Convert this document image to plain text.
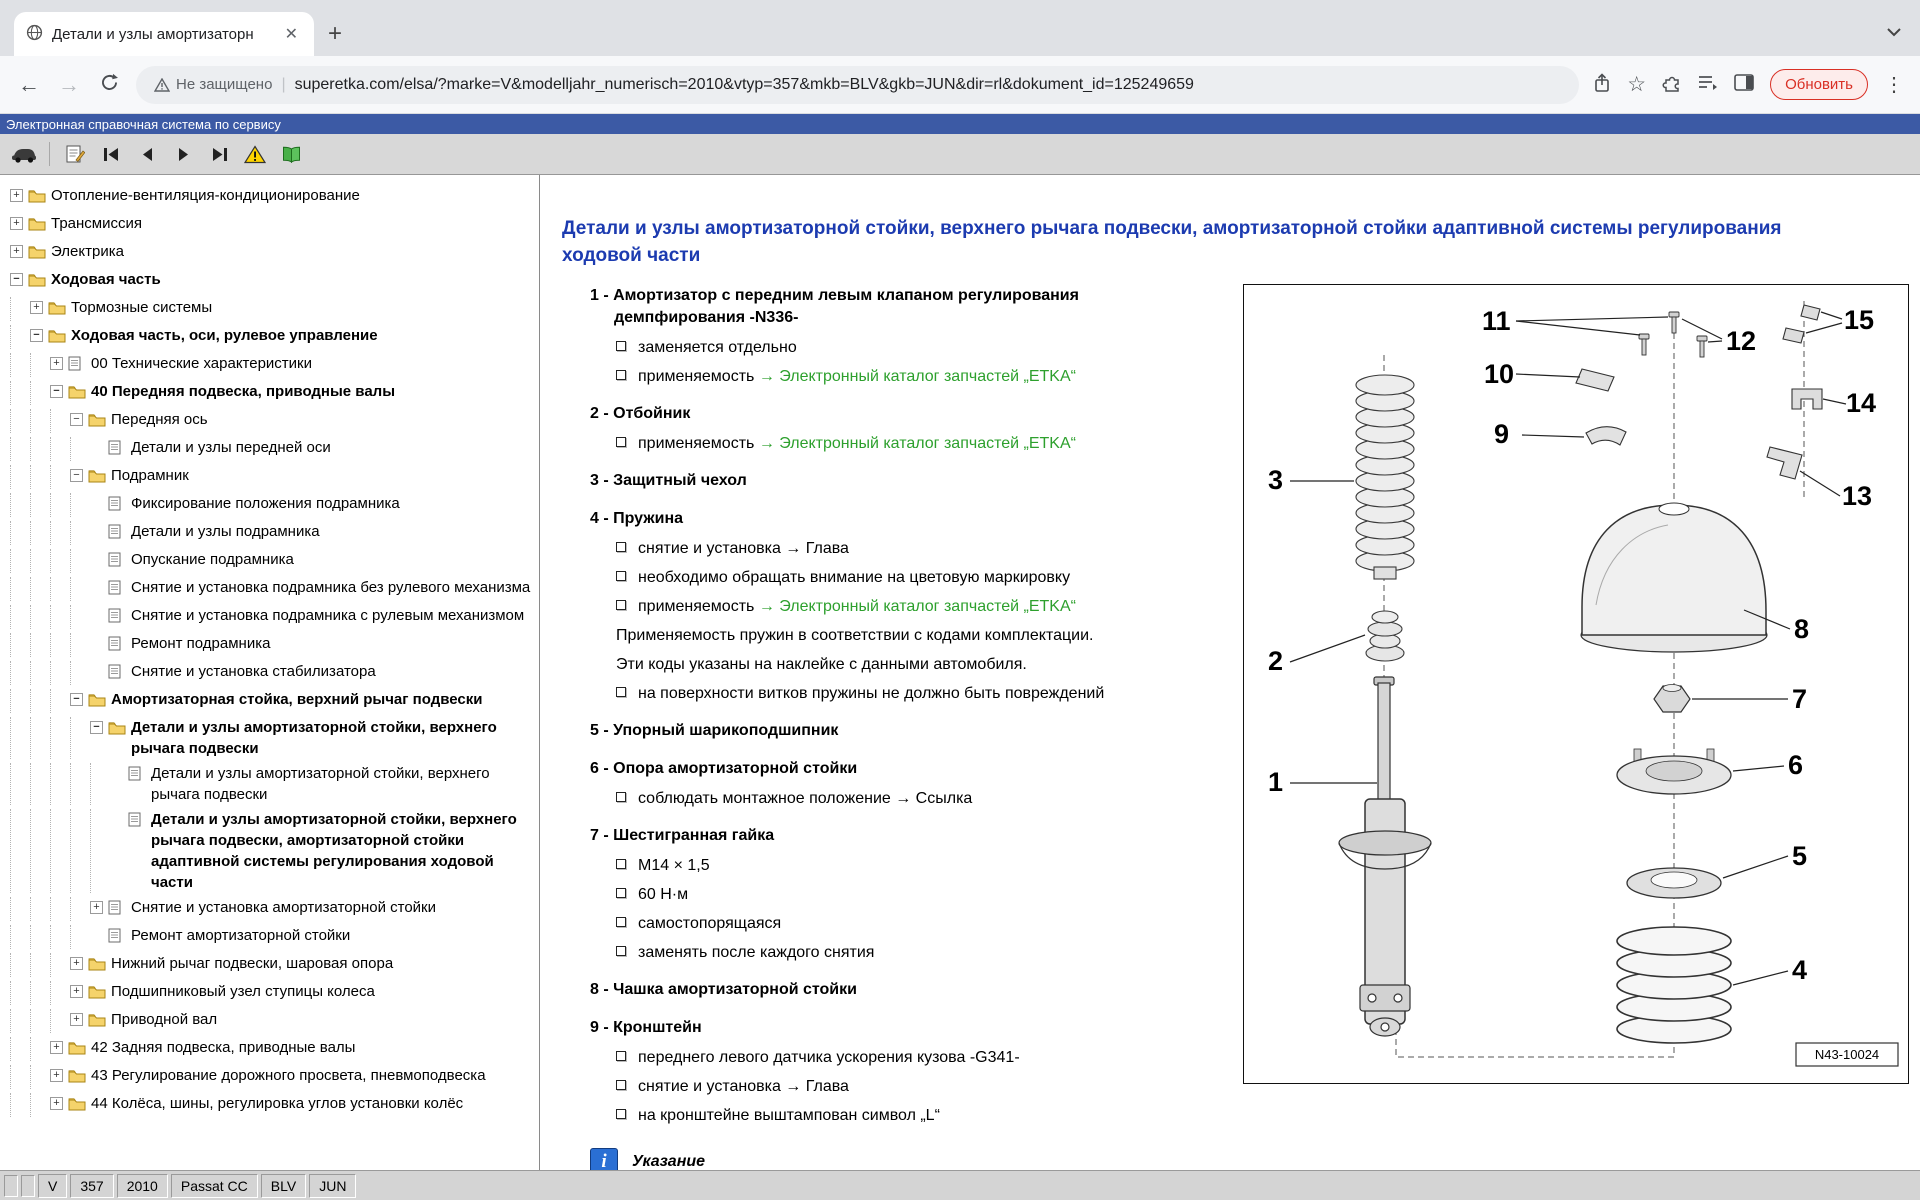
Детали и узлы амортизаторн	✕ +
← →	Не защищено | superetka.com/elsa/?marke=V&modelljahr_numerisch=2010&vtyp=357&mkb=BLV&gkb=JUN&dir=rl&dokument_id=125249659	☆	Обновить	⋮
Электронная справочная система по сервису
+ Отопление-вентиляция-кондиционирование
+ Трансмиссия
+ Электрика
− Ходовая часть
+ Тормозные системы
− Ходовая часть, оси, рулевое управление
+ 00 Технические характеристики
− 40 Передняя подвеска, приводные валы
− Передняя ось
Детали и узлы передней оси
− Подрамник
Фиксирование положения подрамника
Детали и узлы подрамника
Опускание подрамника
Снятие и установка подрамника без рулевого механизма
Снятие и установка подрамника с рулевым механизмом
Ремонт подрамника
Снятие и установка стабилизатора
− Амортизаторная стойка, верхний рычаг подвески
− Детали и узлы амортизаторной стойки, верхнего рычага подвески
Детали и узлы амортизаторной стойки, верхнего рычага подвески
Детали и узлы амортизаторной стойки, верхнего рычага подвески, амортизаторной стойки адаптивной системы регулирования ходовой части
+ Снятие и установка амортизаторной стойки
Ремонт амортизаторной стойки
+ Нижний рычаг подвески, шаровая опора
+ Подшипниковый узел ступицы колеса
+ Приводной вал
+ 42 Задняя подвеска, приводные валы
+ 43 Регулирование дорожного просвета, пневмоподвеска
+ 44 Колёса, шины, регулировка углов установки колёс
Детали и узлы амортизаторной стойки, верхнего рычага подвески, амортизаторной стойки адаптивной системы регулирования ходовой части
1 - Амортизатор с передним левым клапаном регулирования демпфирования -N336-
заменяется отдельно
применяемость → Электронный каталог запчастей „ETKA“
2 - Отбойник
применяемость → Электронный каталог запчастей „ETKA“
3 - Защитный чехол
4 - Пружина
снятие и установка → Глава
необходимо обращать внимание на цветовую маркировку
применяемость → Электронный каталог запчастей „ETKA“
Применяемость пружин в соответствии с кодами комплектации.
Эти коды указаны на наклейке с данными автомобиля.
на поверхности витков пружины не должно быть повреждений
5 - Упорный шарикоподшипник
6 - Опора амортизаторной стойки
соблюдать монтажное положение → Ссылка
7 - Шестигранная гайка
M14 × 1,5
60 Н·м
самостопорящаяся
заменять после каждого снятия
8 - Чашка амортизаторной стойки
9 - Кронштейн
переднего левого датчика ускорения кузова -G341-
снятие и установка → Глава
на кронштейне выштампован символ „L“
i	Указание
1
2
3
4
5
6
7
8
9
10
11
12
13
14
15
N43-10024
V	357	2010	Passat CC	BLV	JUN
